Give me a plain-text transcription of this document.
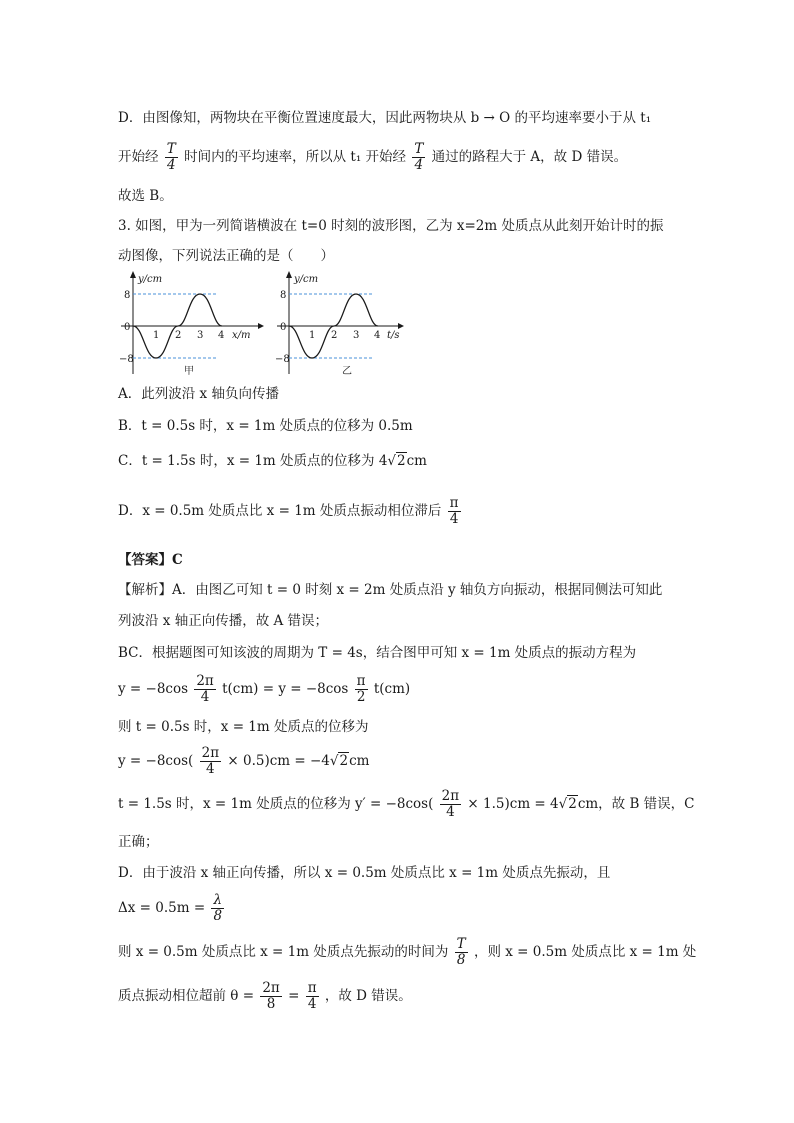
D．由图像知，两物块在平衡位置速度最大，因此两物块从 b → O 的平均速率要小于从 t₁
开始经 $\frac{T}{4}$ 时间内的平均速率，所以从 t₁ 开始经 $\frac{T}{4}$ 通过的路程大于 A，故 D 错误。
故选 B。
3. 如图，甲为一列简谐横波在 t=0 时刻的波形图，乙为 x=2m 处质点从此刻开始计时的振
动图像，下列说法正确的是（　　）
y/cm
8
0
−8
1 2 3 4 x/m
甲
y/cm
8
0
−8
1 2 3 4 t/s
乙
A．此列波沿 x 轴负向传播
B．t = 0.5s 时，x = 1m 处质点的位移为 0.5m
C．t = 1.5s 时，x = 1m 处质点的位移为 4√2cm
D．x = 0.5m 处质点比 x = 1m 处质点振动相位滞后 $\frac{\pi}{4}$
【答案】C
【解析】A．由图乙可知 t = 0 时刻 x = 2m 处质点沿 y 轴负方向振动，根据同侧法可知此
列波沿 x 轴正向传播，故 A 错误；
BC．根据题图可知该波的周期为 T = 4s，结合图甲可知 x = 1m 处质点的振动方程为
$y = -8\cos \frac{2\pi}{4} t(cm) = y = -8\cos \frac{\pi}{2} t(cm)$
则 t = 0.5s 时，x = 1m 处质点的位移为
$y = -8\cos( \frac{2\pi}{4} \times 0.5)cm = -4√2cm$
t = 1.5s 时，x = 1m 处质点的位移为 $y' = -8\cos( \frac{2\pi}{4} \times 1.5)cm = 4√2cm$，故 B 错误，C
正确；
D．由于波沿 x 轴正向传播，所以 x = 0.5m 处质点比 x = 1m 处质点先振动，且
$\Delta x = 0.5m = \frac{\lambda}{8}$
则 x = 0.5m 处质点比 x = 1m 处质点先振动的时间为 $\frac{T}{8}$ ，则 x = 0.5m 处质点比 x = 1m 处
质点振动相位超前 $\theta = \frac{2\pi}{8} = \frac{\pi}{4}$ ，故 D 错误。
